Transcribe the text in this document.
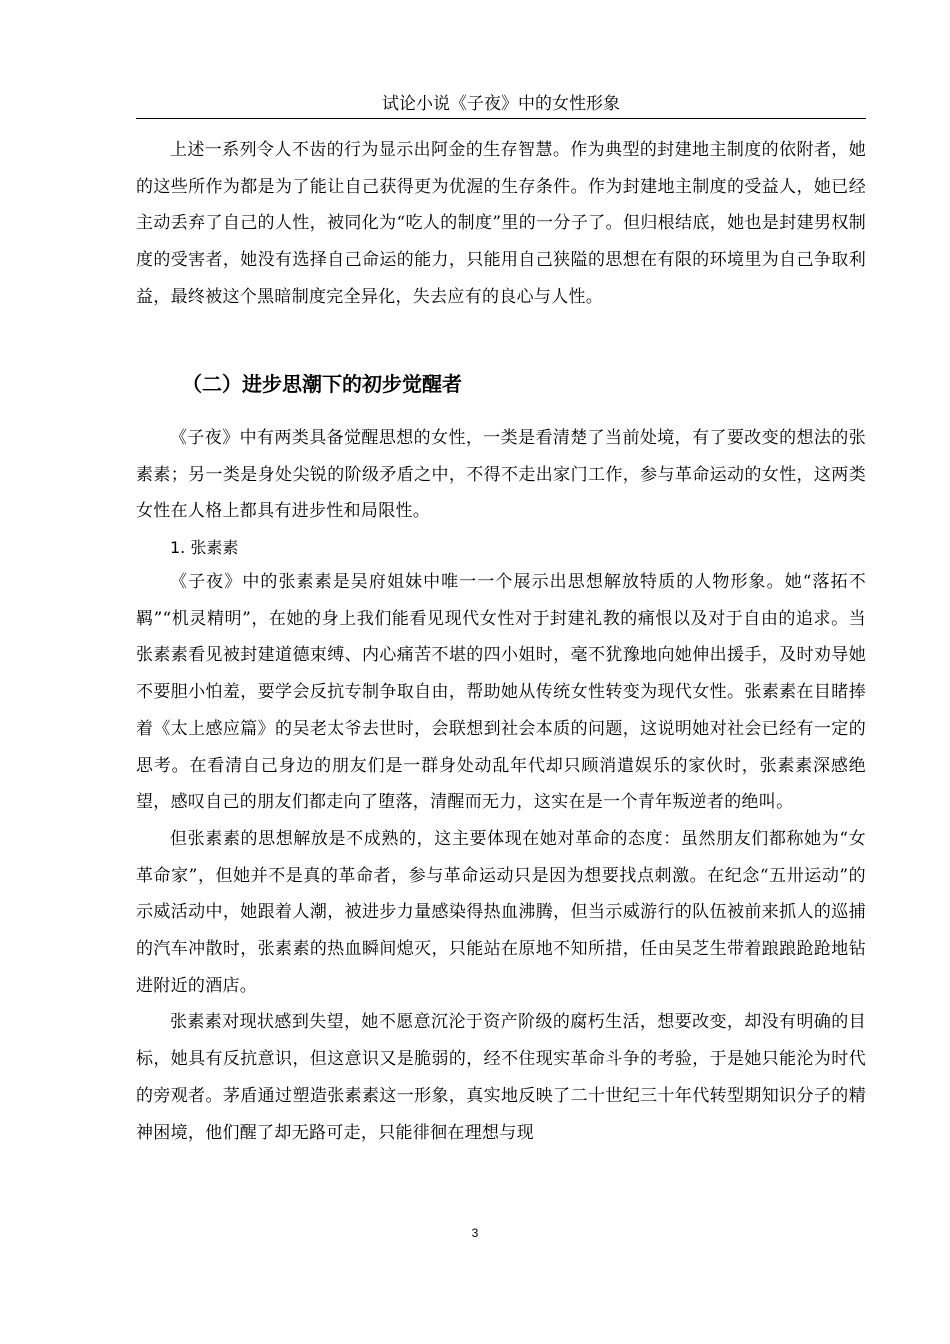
试论小说《子夜》中的女性形象

上述一系列令人不齿的行为显示出阿金的生存智慧。作为典型的封建地主制度的依附者，她的这些所作为都是为了能让自己获得更为优渥的生存条件。作为封建地主制度的受益人，她已经主动丢弃了自己的人性，被同化为“吃人的制度”里的一分子了。但归根结底，她也是封建男权制度的受害者，她没有选择自己命运的能力，只能用自己狭隘的思想在有限的环境里为自己争取利益，最终被这个黑暗制度完全异化，失去应有的良心与人性。

（二）进步思潮下的初步觉醒者

《子夜》中有两类具备觉醒思想的女性，一类是看清楚了当前处境，有了要改变的想法的张素素；另一类是身处尖锐的阶级矛盾之中，不得不走出家门工作，参与革命运动的女性，这两类女性在人格上都具有进步性和局限性。

1. 张素素

《子夜》中的张素素是吴府姐妹中唯一一个展示出思想解放特质的人物形象。她“落拓不羁”“机灵精明”，在她的身上我们能看见现代女性对于封建礼教的痛恨以及对于自由的追求。当张素素看见被封建道德束缚、内心痛苦不堪的四小姐时，毫不犹豫地向她伸出援手，及时劝导她不要胆小怕羞，要学会反抗专制争取自由，帮助她从传统女性转变为现代女性。张素素在目睹捧着《太上感应篇》的吴老太爷去世时，会联想到社会本质的问题，这说明她对社会已经有一定的思考。在看清自己身边的朋友们是一群身处动乱年代却只顾消遣娱乐的家伙时，张素素深感绝望，感叹自己的朋友们都走向了堕落，清醒而无力，这实在是一个青年叛逆者的绝叫。

但张素素的思想解放是不成熟的，这主要体现在她对革命的态度：虽然朋友们都称她为“女革命家”，但她并不是真的革命者，参与革命运动只是因为想要找点刺激。在纪念“五卅运动”的示威活动中，她跟着人潮，被进步力量感染得热血沸腾，但当示威游行的队伍被前来抓人的巡捕的汽车冲散时，张素素的热血瞬间熄灭，只能站在原地不知所措，任由吴芝生带着踉踉跄跄地钻进附近的酒店。

张素素对现状感到失望，她不愿意沉沦于资产阶级的腐朽生活，想要改变，却没有明确的目标，她具有反抗意识，但这意识又是脆弱的，经不住现实革命斗争的考验，于是她只能沦为时代的旁观者。茅盾通过塑造张素素这一形象，真实地反映了二十世纪三十年代转型期知识分子的精神困境，他们醒了却无路可走，只能徘徊在理想与现

3
